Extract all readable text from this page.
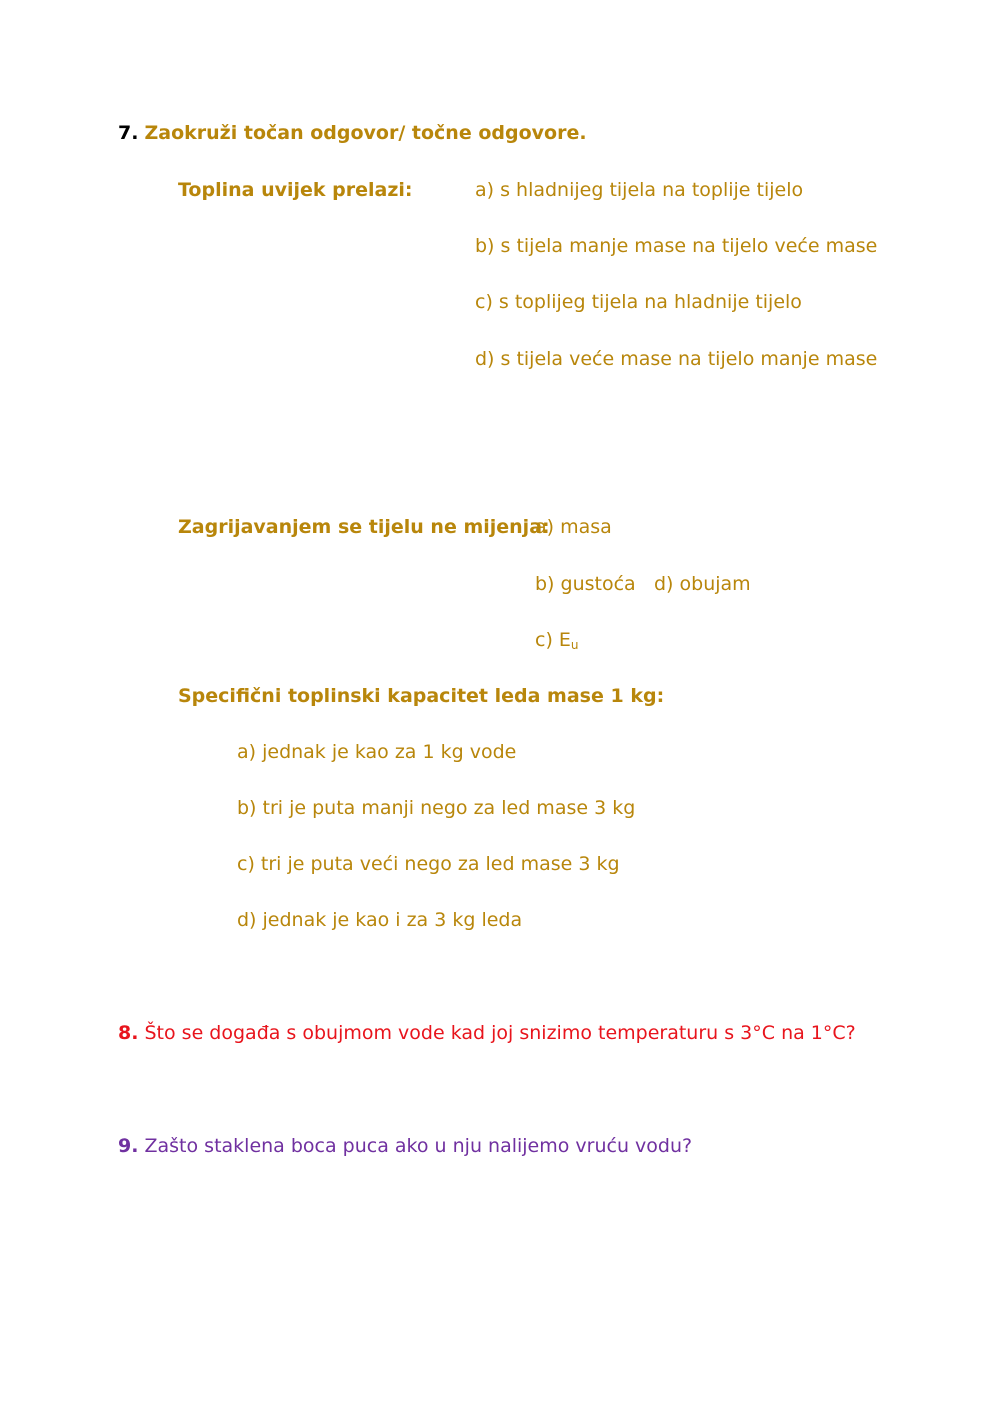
7. Zaokruži točan odgovor/ točne odgovore.
Toplina uvijek prelazi:	a) s hladnijeg tijela na toplije tijelo
b) s tijela manje mase na tijelo veće mase
c) s toplijeg tijela na hladnije tijelo
d) s tijela veće mase na tijelo manje mase
Zagrijavanjem se tijelu ne mijenja:
a) masa
b) gustoća d) obujam
c) $E_u$
Specifični toplinski kapacitet leda mase 1 kg:
a) jednak je kao za 1 kg vode
b) tri je puta manji nego za led mase 3 kg
c) tri je puta veći nego za led mase 3 kg
d) jednak je kao i za 3 kg leda
8. Što se događa s obujmom vode kad joj snizimo temperaturu s 3°C na 1°C?
9. Zašto staklena boca puca ako u nju nalijemo vruću vodu?
